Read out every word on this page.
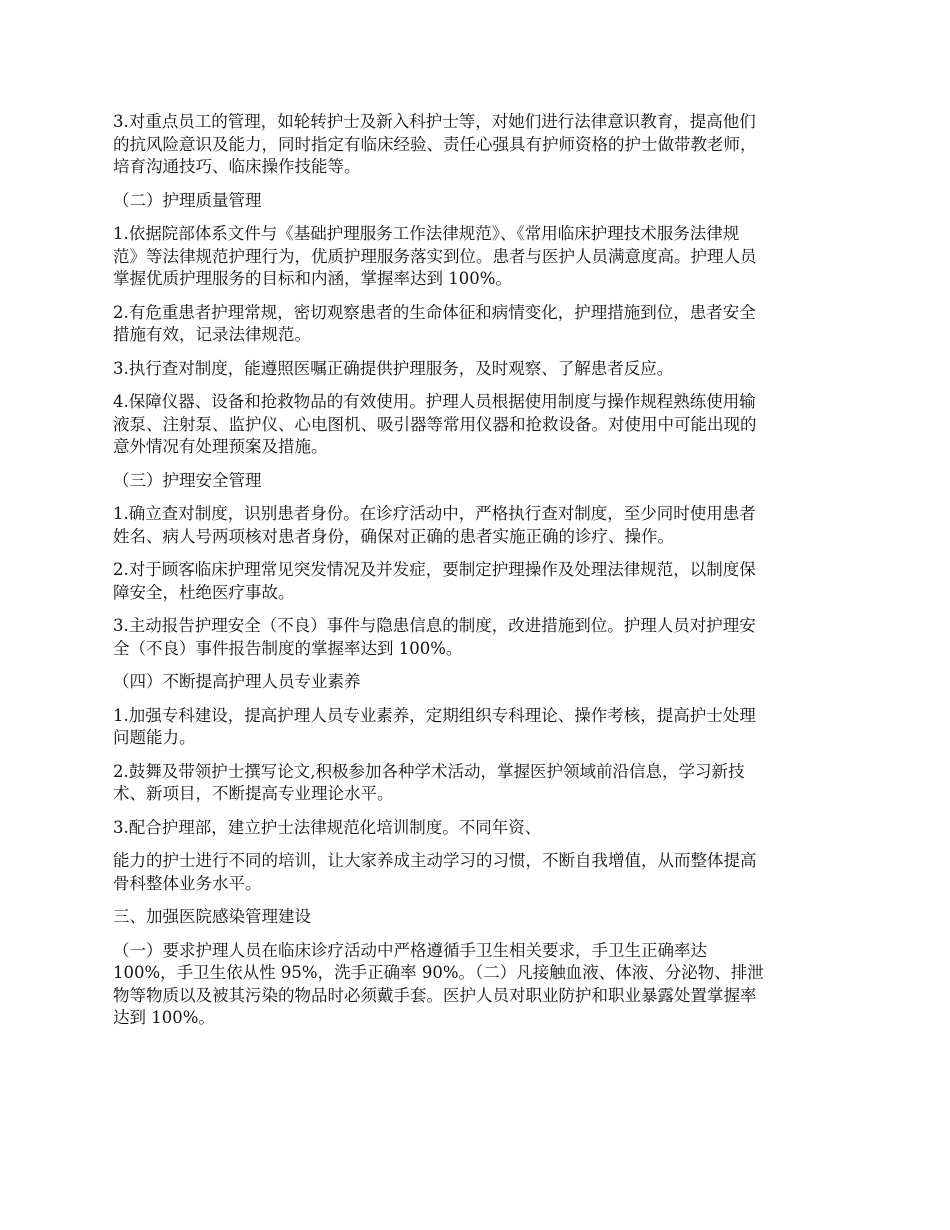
3.对重点员工的管理，如轮转护士及新入科护士等，对她们进行法律意识教育，提高他们
的抗风险意识及能力，同时指定有临床经验、责任心强具有护师资格的护士做带教老师，
培育沟通技巧、临床操作技能等。

（二）护理质量管理

1.依据院部体系文件与《基础护理服务工作法律规范》、《常用临床护理技术服务法律规
范》等法律规范护理行为，优质护理服务落实到位。患者与医护人员满意度高。护理人员
掌握优质护理服务的目标和内涵，掌握率达到 100%。

2.有危重患者护理常规，密切观察患者的生命体征和病情变化，护理措施到位，患者安全
措施有效，记录法律规范。

3.执行查对制度，能遵照医嘱正确提供护理服务，及时观察、了解患者反应。

4.保障仪器、设备和抢救物品的有效使用。护理人员根据使用制度与操作规程熟练使用输
液泵、注射泵、监护仪、心电图机、吸引器等常用仪器和抢救设备。对使用中可能出现的
意外情况有处理预案及措施。

（三）护理安全管理

1.确立查对制度，识别患者身份。在诊疗活动中，严格执行查对制度，至少同时使用患者
姓名、病人号两项核对患者身份，确保对正确的患者实施正确的诊疗、操作。

2.对于顾客临床护理常见突发情况及并发症，要制定护理操作及处理法律规范，以制度保
障安全，杜绝医疗事故。

3.主动报告护理安全（不良）事件与隐患信息的制度，改进措施到位。护理人员对护理安
全（不良）事件报告制度的掌握率达到 100%。

（四）不断提高护理人员专业素养

1.加强专科建设，提高护理人员专业素养，定期组织专科理论、操作考核，提高护士处理
问题能力。

2.鼓舞及带领护士撰写论文,积极参加各种学术活动，掌握医护领域前沿信息，学习新技
术、新项目，不断提高专业理论水平。

3.配合护理部，建立护士法律规范化培训制度。不同年资、

能力的护士进行不同的培训，让大家养成主动学习的习惯，不断自我增值，从而整体提高
骨科整体业务水平。

三、加强医院感染管理建设

（一）要求护理人员在临床诊疗活动中严格遵循手卫生相关要求，手卫生正确率达
100%，手卫生依从性 95%，洗手正确率 90%。（二）凡接触血液、体液、分泌物、排泄
物等物质以及被其污染的物品时必须戴手套。医护人员对职业防护和职业暴露处置掌握率
达到 100%。
